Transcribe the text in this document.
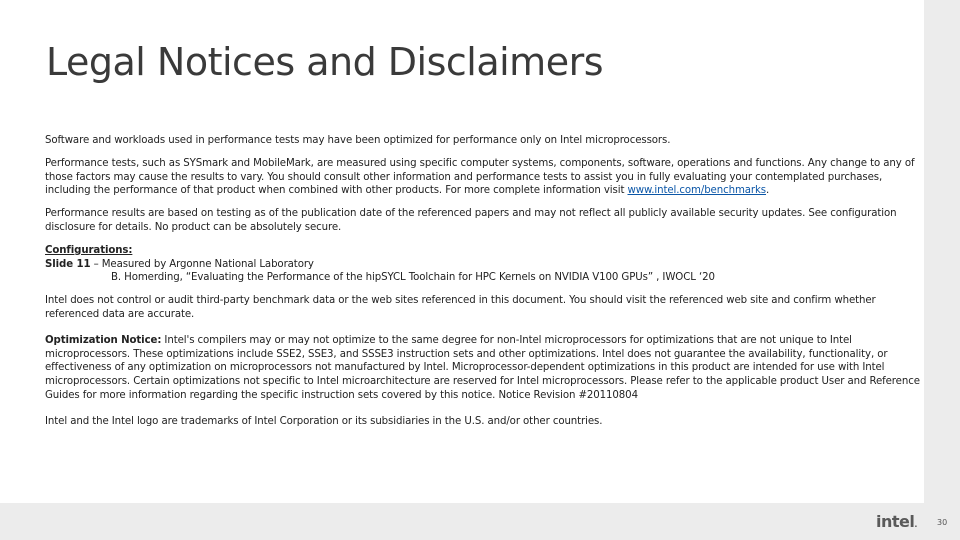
Legal Notices and Disclaimers

Software and workloads used in performance tests may have been optimized for performance only on Intel microprocessors.

Performance tests, such as SYSmark and MobileMark, are measured using specific computer systems, components, software, operations and functions. Any change to any of those factors may cause the results to vary. You should consult other information and performance tests to assist you in fully evaluating your contemplated purchases, including the performance of that product when combined with other products. For more complete information visit www.intel.com/benchmarks.

Performance results are based on testing as of the publication date of the referenced papers and may not reflect all publicly available security updates. See configuration disclosure for details. No product can be absolutely secure.

Configurations:
Slide 11 – Measured by Argonne National Laboratory
B. Homerding, “Evaluating the Performance of the hipSYCL Toolchain for HPC Kernels on NVIDIA V100 GPUs” , IWOCL ‘20

Intel does not control or audit third-party benchmark data or the web sites referenced in this document. You should visit the referenced web site and confirm whether referenced data are accurate.

Optimization Notice: Intel's compilers may or may not optimize to the same degree for non-Intel microprocessors for optimizations that are not unique to Intel microprocessors. These optimizations include SSE2, SSE3, and SSSE3 instruction sets and other optimizations. Intel does not guarantee the availability, functionality, or effectiveness of any optimization on microprocessors not manufactured by Intel. Microprocessor-dependent optimizations in this product are intended for use with Intel microprocessors. Certain optimizations not specific to Intel microarchitecture are reserved for Intel microprocessors. Please refer to the applicable product User and Reference Guides for more information regarding the specific instruction sets covered by this notice. Notice Revision #20110804

Intel and the Intel logo are trademarks of Intel Corporation or its subsidiaries in the U.S. and/or other countries.

intel.	30
